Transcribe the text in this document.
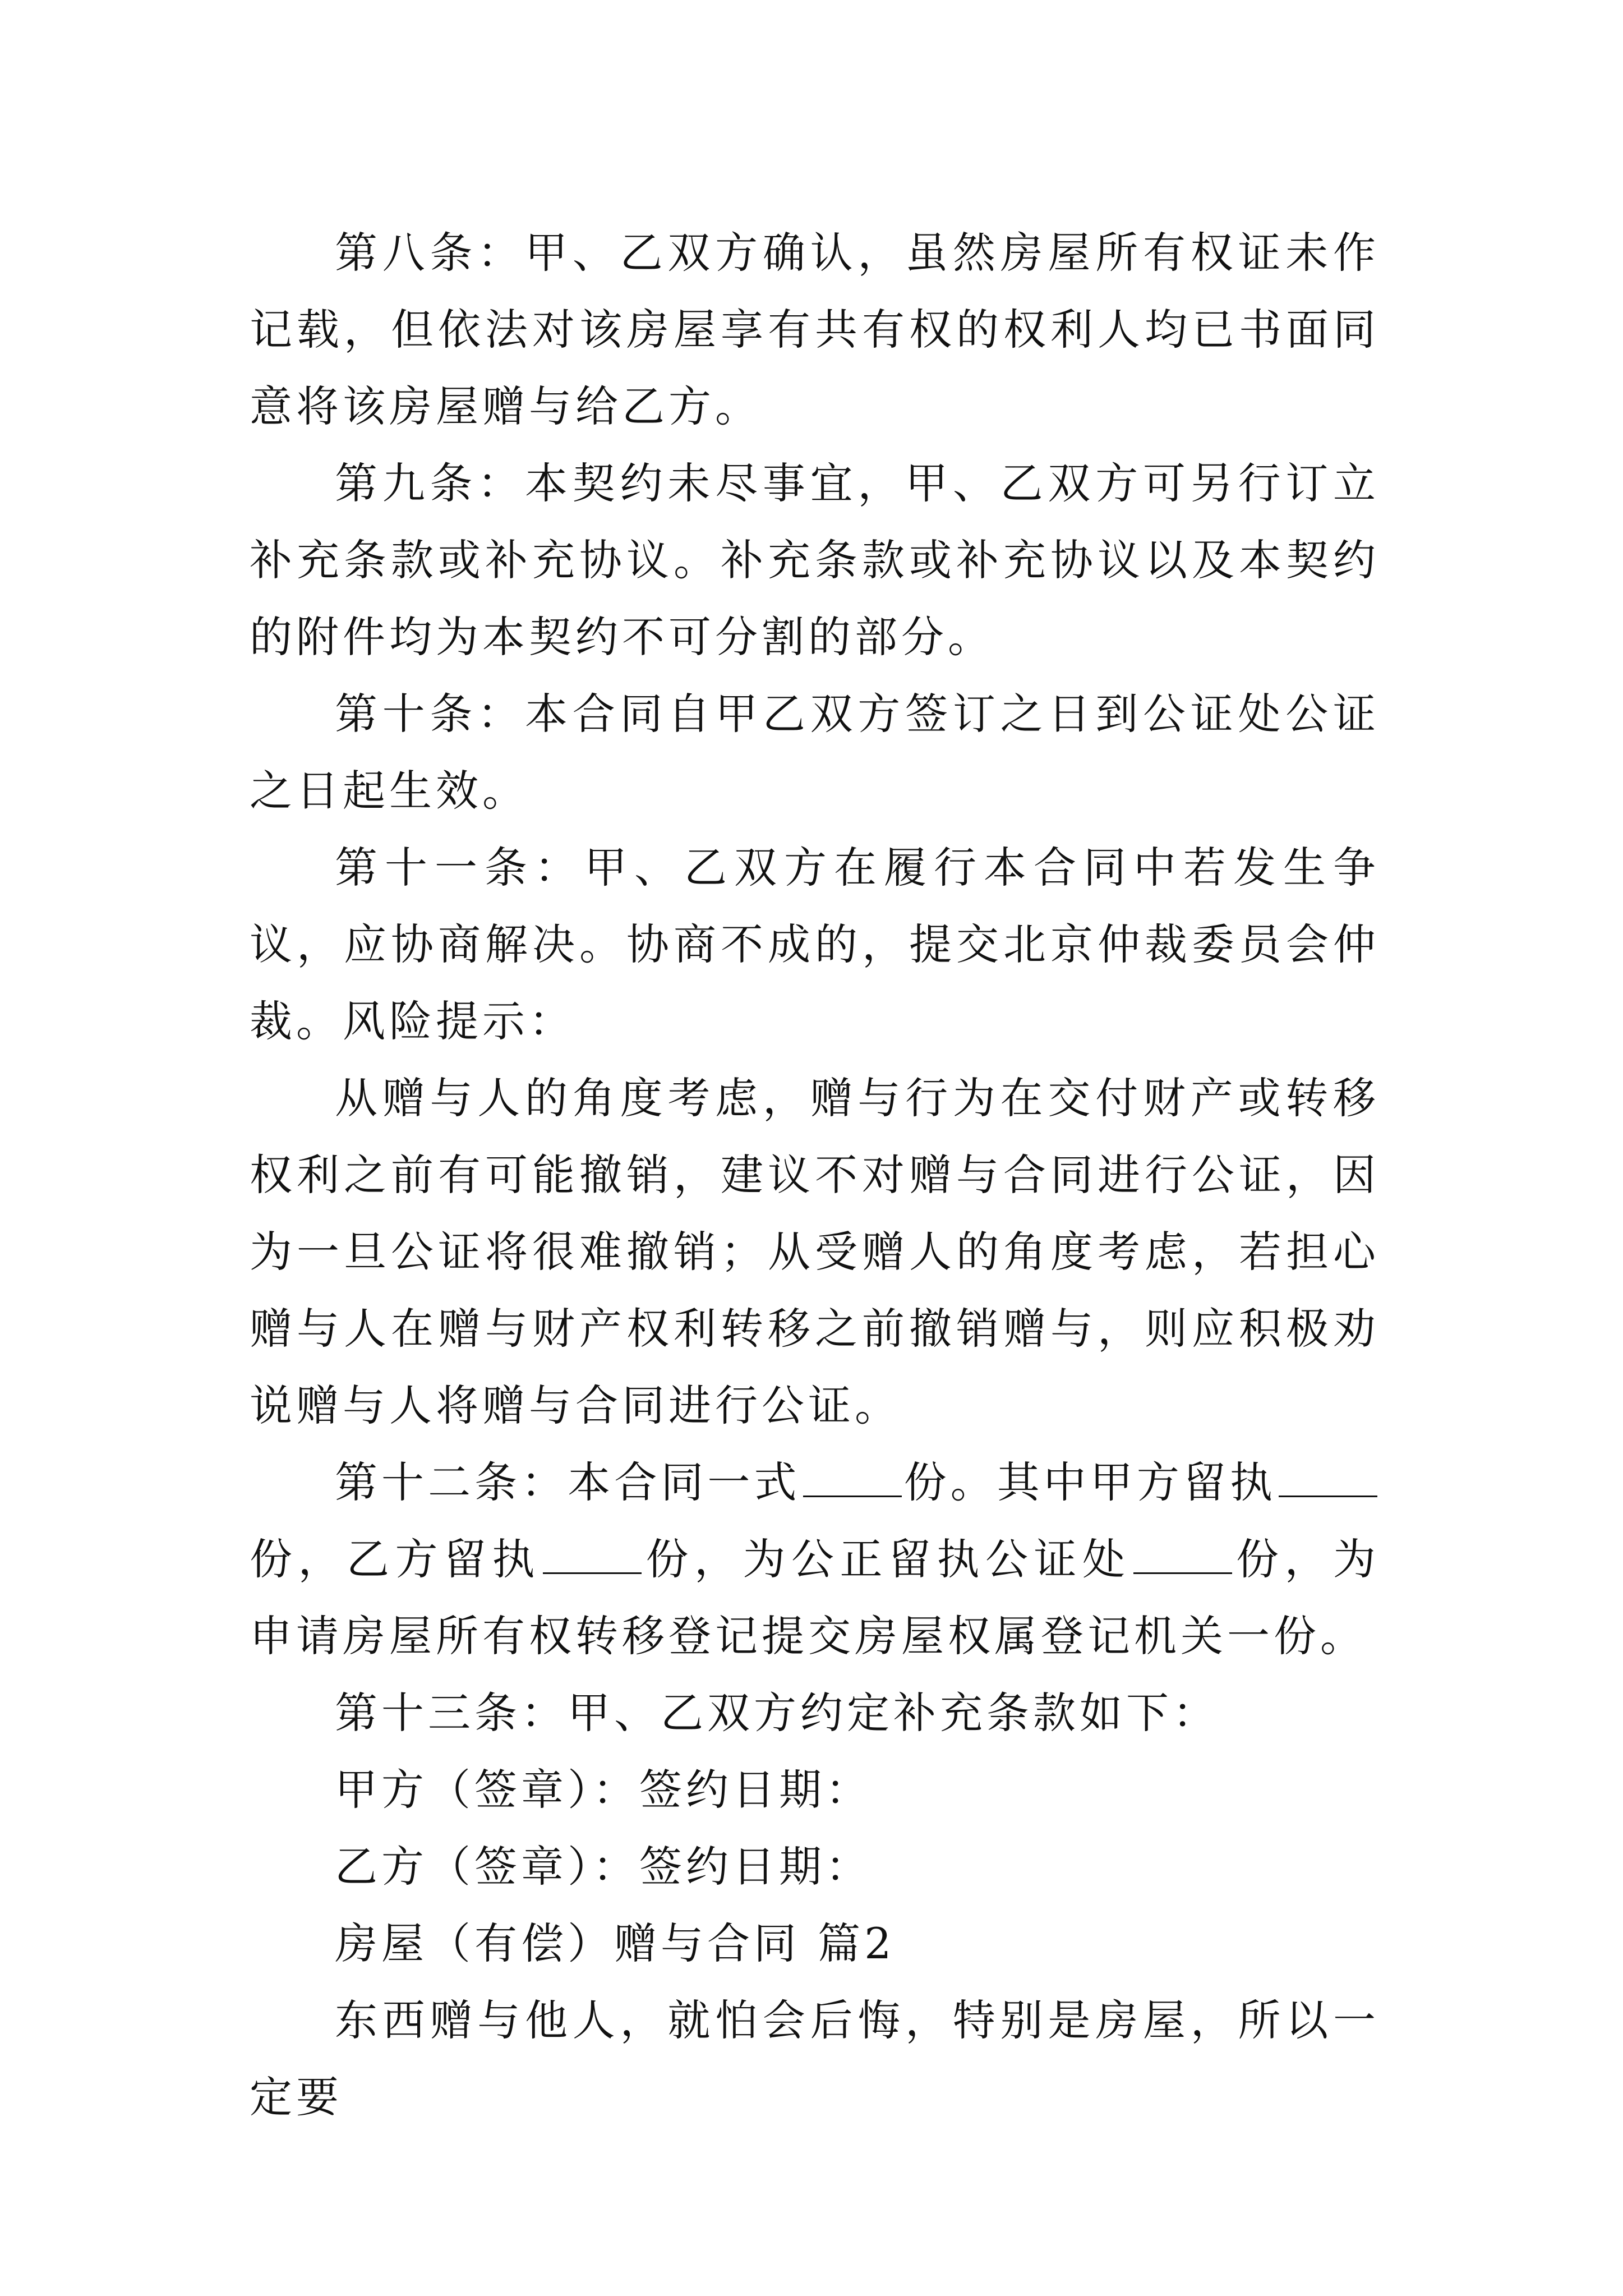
第八条：甲、乙双方确认，虽然房屋所有权证未作记载，但依法对该房屋享有共有权的权利人均已书面同意将该房屋赠与给乙方。

第九条：本契约未尽事宜，甲、乙双方可另行订立补充条款或补充协议。补充条款或补充协议以及本契约的附件均为本契约不可分割的部分。

第十条：本合同自甲乙双方签订之日到公证处公证之日起生效。

第十一条：甲、乙双方在履行本合同中若发生争议，应协商解决。协商不成的，提交北京仲裁委员会仲裁。风险提示：

从赠与人的角度考虑，赠与行为在交付财产或转移权利之前有可能撤销，建议不对赠与合同进行公证，因为一旦公证将很难撤销；从受赠人的角度考虑，若担心赠与人在赠与财产权利转移之前撤销赠与，则应积极劝说赠与人将赠与合同进行公证。

第十二条：本合同一式 份。其中甲方留执份，乙方留执 份，为公正留执公证处 份，为申请房屋所有权转移登记提交房屋权属登记机关一份。

第十三条：甲、乙双方约定补充条款如下：

甲方（签章）：签约日期：

乙方（签章）：签约日期：

房屋（有偿）赠与合同 篇2

东西赠与他人，就怕会后悔，特别是房屋，所以一定要
